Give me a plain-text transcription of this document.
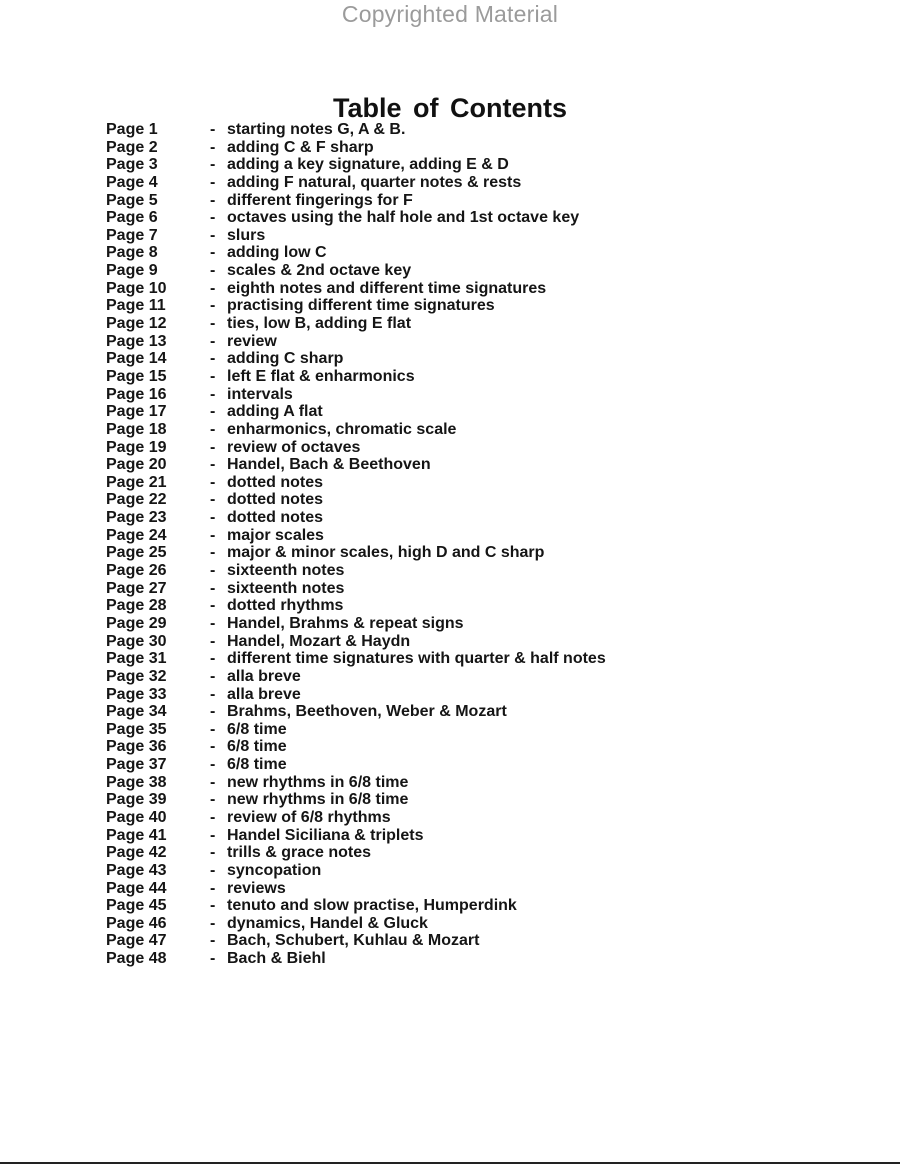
Copyrighted Material
Table of Contents
Page 1	- starting notes G, A & B.
Page 2	- adding C & F sharp
Page 3	- adding a key signature, adding E & D
Page 4	- adding F natural, quarter notes & rests
Page 5	- different fingerings for F
Page 6	- octaves using the half hole and 1st octave key
Page 7	- slurs
Page 8	- adding low C
Page 9	- scales & 2nd octave key
Page 10	- eighth notes and different time signatures
Page 11	- practising different time signatures
Page 12	- ties, low B, adding E flat
Page 13	- review
Page 14	- adding C sharp
Page 15	- left E flat & enharmonics
Page 16	- intervals
Page 17	- adding A flat
Page 18	- enharmonics, chromatic scale
Page 19	- review of octaves
Page 20	- Handel, Bach & Beethoven
Page 21	- dotted notes
Page 22	- dotted notes
Page 23	- dotted notes
Page 24	- major scales
Page 25	- major & minor scales, high D and C sharp
Page 26	- sixteenth notes
Page 27	- sixteenth notes
Page 28	- dotted rhythms
Page 29	- Handel, Brahms & repeat signs
Page 30	- Handel, Mozart & Haydn
Page 31	- different time signatures with quarter & half notes
Page 32	- alla breve
Page 33	- alla breve
Page 34	- Brahms, Beethoven, Weber & Mozart
Page 35	- 6/8 time
Page 36	- 6/8 time
Page 37	- 6/8 time
Page 38	- new rhythms in 6/8 time
Page 39	- new rhythms in 6/8 time
Page 40	- review of 6/8 rhythms
Page 41	- Handel Siciliana & triplets
Page 42	- trills & grace notes
Page 43	- syncopation
Page 44	- reviews
Page 45	- tenuto and slow practise, Humperdink
Page 46	- dynamics, Handel & Gluck
Page 47	- Bach, Schubert, Kuhlau & Mozart
Page 48	- Bach & Biehl
